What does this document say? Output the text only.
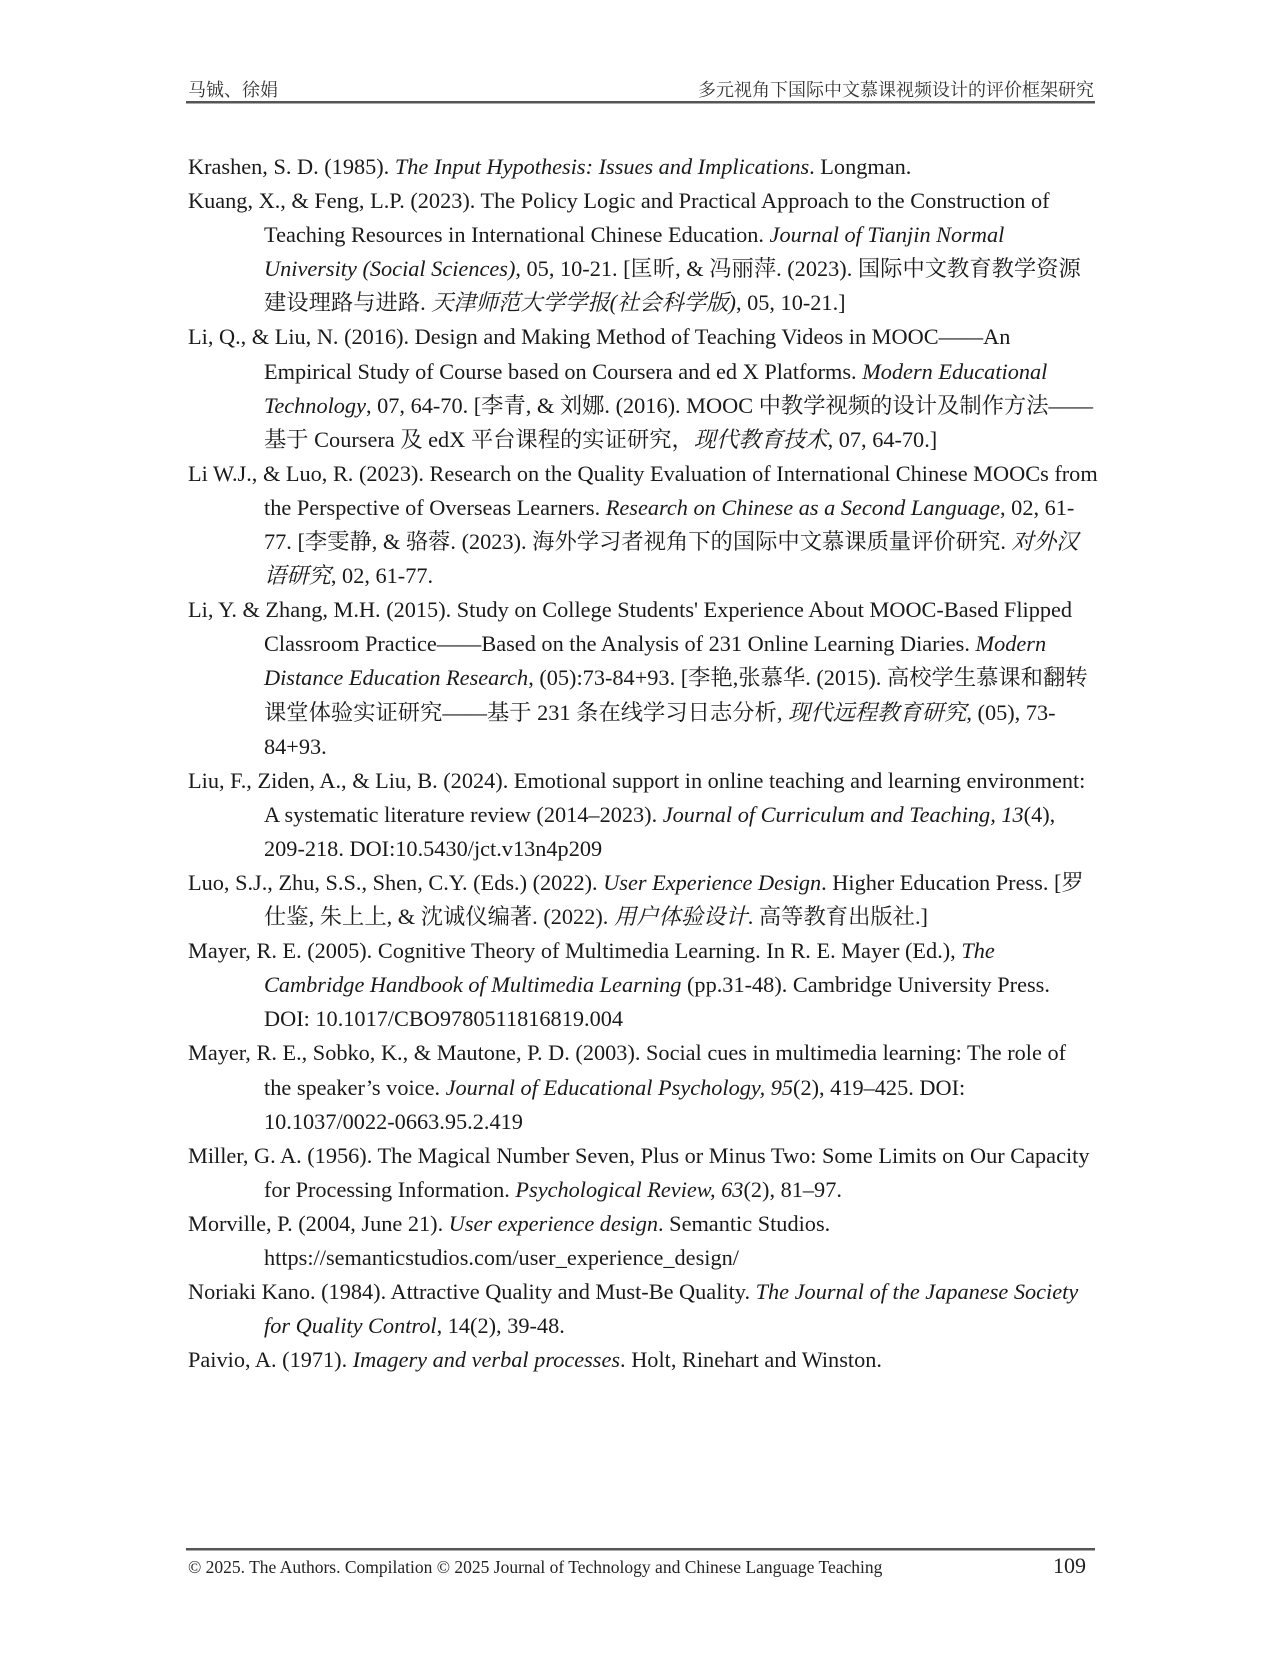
马铖、徐娟	多元视角下国际中文慕课视频设计的评价框架研究

Krashen, S. D. (1985). The Input Hypothesis: Issues and Implications. Longman.

Kuang, X., & Feng, L.P. (2023). The Policy Logic and Practical Approach to the Construction of Teaching Resources in International Chinese Education. Journal of Tianjin Normal University (Social Sciences), 05, 10-21. [匡昕, & 冯丽萍. (2023). 国际中文教育教学资源建设理路与进路. 天津师范大学学报(社会科学版), 05, 10-21.]

Li, Q., & Liu, N. (2016). Design and Making Method of Teaching Videos in MOOC——An Empirical Study of Course based on Coursera and ed X Platforms. Modern Educational Technology, 07, 64-70. [李青, & 刘娜. (2016). MOOC 中教学视频的设计及制作方法——基于 Coursera 及 edX 平台课程的实证研究，现代教育技术, 07, 64-70.]

Li W.J., & Luo, R. (2023). Research on the Quality Evaluation of International Chinese MOOCs from the Perspective of Overseas Learners. Research on Chinese as a Second Language, 02, 61-77. [李雯静, & 骆蓉. (2023). 海外学习者视角下的国际中文慕课质量评价研究. 对外汉语研究, 02, 61-77.

Li, Y. & Zhang, M.H. (2015). Study on College Students' Experience About MOOC-Based Flipped Classroom Practice——Based on the Analysis of 231 Online Learning Diaries. Modern Distance Education Research, (05):73-84+93. [李艳,张慕华. (2015). 高校学生慕课和翻转课堂体验实证研究——基于 231 条在线学习日志分析, 现代远程教育研究, (05), 73-84+93.

Liu, F., Ziden, A., & Liu, B. (2024). Emotional support in online teaching and learning environment: A systematic literature review (2014–2023). Journal of Curriculum and Teaching, 13(4), 209-218. DOI:10.5430/jct.v13n4p209

Luo, S.J., Zhu, S.S., Shen, C.Y. (Eds.) (2022). User Experience Design. Higher Education Press. [罗仕鉴, 朱上上, & 沈诚仪编著. (2022). 用户体验设计. 高等教育出版社.]

Mayer, R. E. (2005). Cognitive Theory of Multimedia Learning. In R. E. Mayer (Ed.), The Cambridge Handbook of Multimedia Learning (pp.31-48). Cambridge University Press. DOI: 10.1017/CBO9780511816819.004

Mayer, R. E., Sobko, K., & Mautone, P. D. (2003). Social cues in multimedia learning: The role of the speaker’s voice. Journal of Educational Psychology, 95(2), 419–425. DOI: 10.1037/0022-0663.95.2.419

Miller, G. A. (1956). The Magical Number Seven, Plus or Minus Two: Some Limits on Our Capacity for Processing Information. Psychological Review, 63(2), 81–97.

Morville, P. (2004, June 21). User experience design. Semantic Studios. https://semanticstudios.com/user_experience_design/

Noriaki Kano. (1984). Attractive Quality and Must-Be Quality. The Journal of the Japanese Society for Quality Control, 14(2), 39-48.

Paivio, A. (1971). Imagery and verbal processes. Holt, Rinehart and Winston.

© 2025. The Authors. Compilation © 2025 Journal of Technology and Chinese Language Teaching	109
